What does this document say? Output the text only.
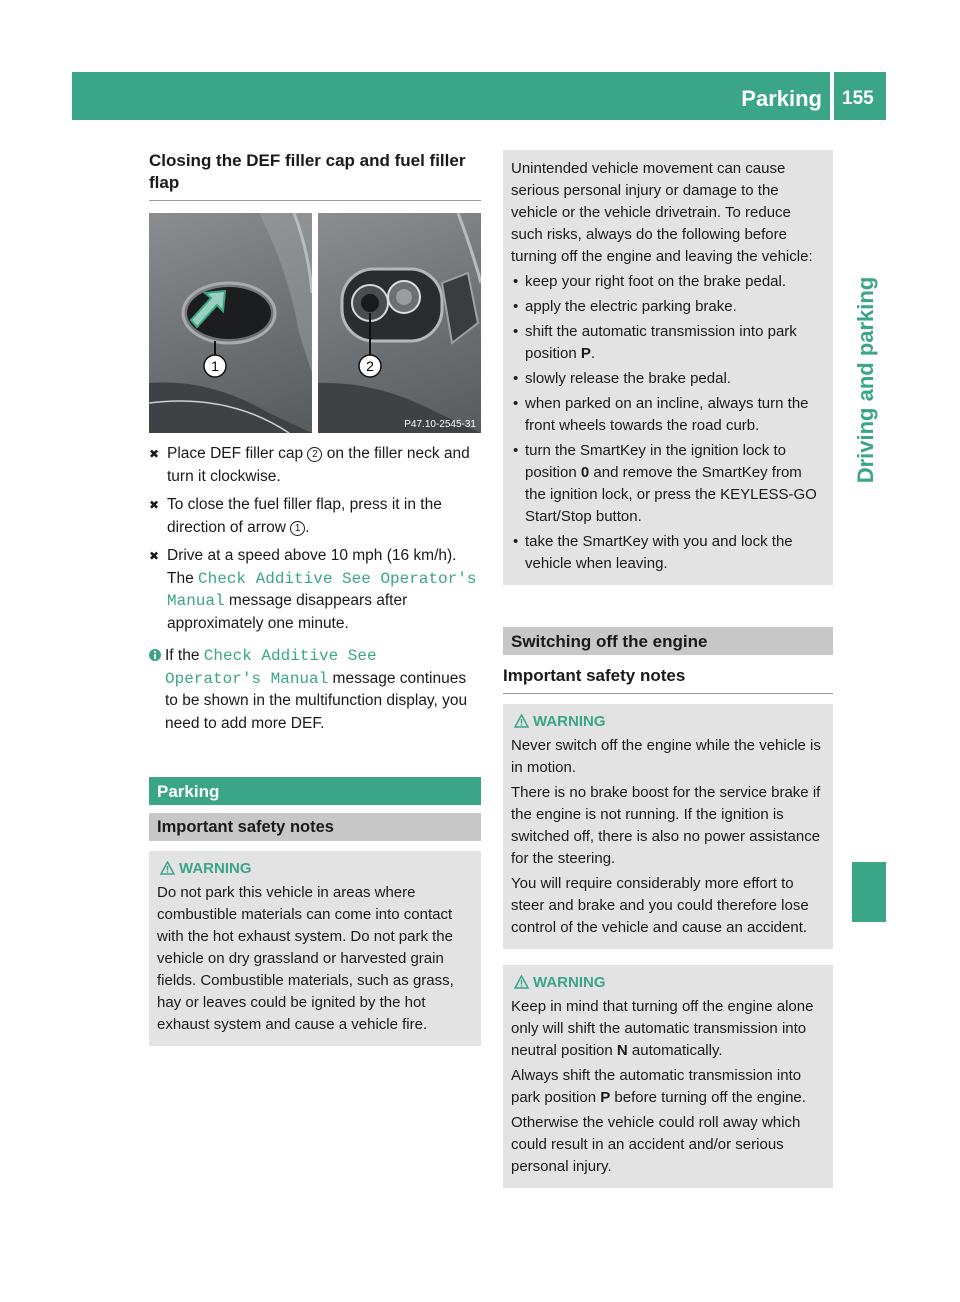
Parking 155
Driving and parking
Closing the DEF filler cap and fuel filler flap
1	2
P47.10-2545-31
✖ Place DEF filler cap 2 on the filler neck and turn it clockwise.
✖ To close the fuel filler flap, press it in the direction of arrow 1 .
✖ Drive at a speed above 10 mph (16 km/h). The Check Additive See Operator's Manual message disappears after approximately one minute.
If the Check Additive See Operator's Manual message continues to be shown in the multifunction display, you need to add more DEF.
Parking
Important safety notes
WARNING
Do not park this vehicle in areas where combustible materials can come into contact with the hot exhaust system. Do not park the vehicle on dry grassland or harvested grain fields. Combustible materials, such as grass, hay or leaves could be ignited by the hot exhaust system and cause a vehicle fire.
Unintended vehicle movement can cause serious personal injury or damage to the vehicle or the vehicle drivetrain. To reduce such risks, always do the following before turning off the engine and leaving the vehicle:
• keep your right foot on the brake pedal.
• apply the electric parking brake.
• shift the automatic transmission into park position P.
• slowly release the brake pedal.
• when parked on an incline, always turn the front wheels towards the road curb.
• turn the SmartKey in the ignition lock to position 0 and remove the SmartKey from the ignition lock, or press the KEYLESS-GO Start/Stop button.
• take the SmartKey with you and lock the vehicle when leaving.
Switching off the engine
Important safety notes
WARNING
Never switch off the engine while the vehicle is in motion.
There is no brake boost for the service brake if the engine is not running. If the ignition is switched off, there is also no power assistance for the steering.
You will require considerably more effort to steer and brake and you could therefore lose control of the vehicle and cause an accident.
WARNING
Keep in mind that turning off the engine alone only will shift the automatic transmission into neutral position N automatically.
Always shift the automatic transmission into park position P before turning off the engine.
Otherwise the vehicle could roll away which could result in an accident and/or serious personal injury.
